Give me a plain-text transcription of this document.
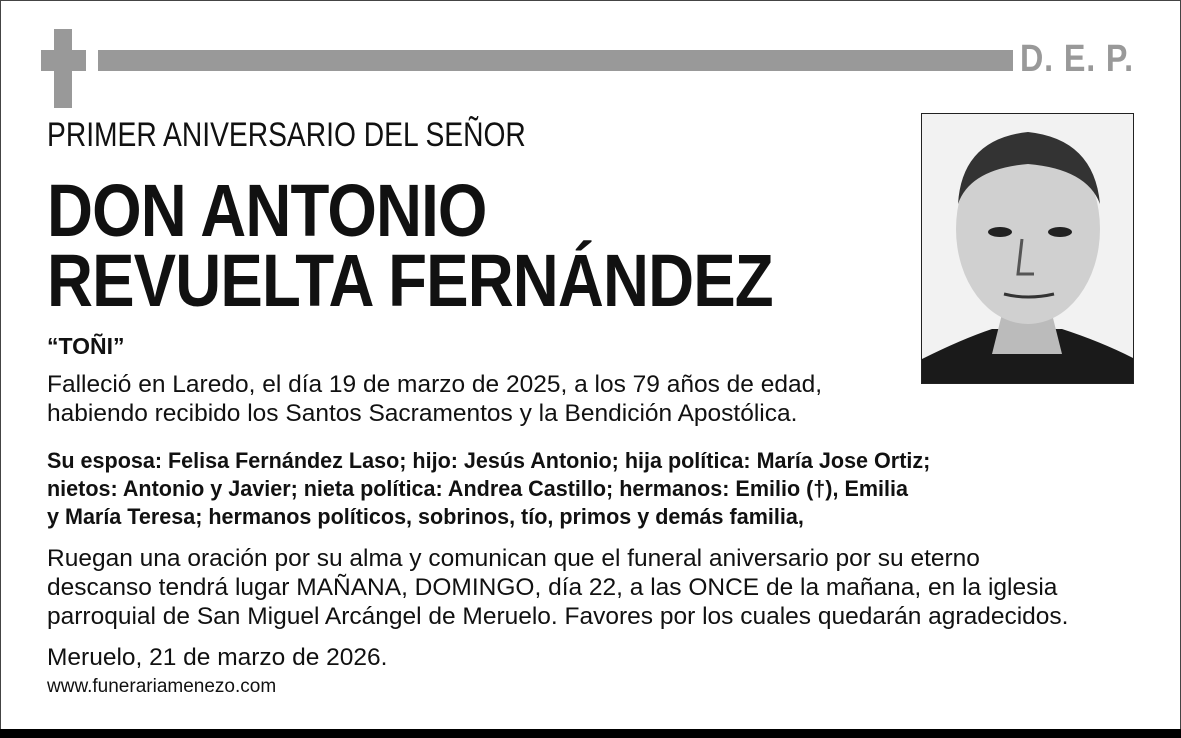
D. E. P.
PRIMER ANIVERSARIO DEL SEÑOR
DON ANTONIO
REVUELTA FERNÁNDEZ
“TOÑI”
Falleció en Laredo, el día 19 de marzo de 2025, a los 79 años de edad,
habiendo recibido los Santos Sacramentos y la Bendición Apostólica.
Su esposa: Felisa Fernández Laso; hijo: Jesús Antonio; hija política: María Jose Ortiz;
nietos: Antonio y Javier; nieta política: Andrea Castillo; hermanos: Emilio (†), Emilia
y María Teresa; hermanos políticos, sobrinos, tío, primos y demás familia,
Ruegan una oración por su alma y comunican que el funeral aniversario por su eterno
descanso tendrá lugar MAÑANA, DOMINGO, día 22, a las ONCE de la mañana, en la iglesia
parroquial de San Miguel Arcángel de Meruelo. Favores por los cuales quedarán agradecidos.
Meruelo, 21 de marzo de 2026.
www.funerariamenezo.com
